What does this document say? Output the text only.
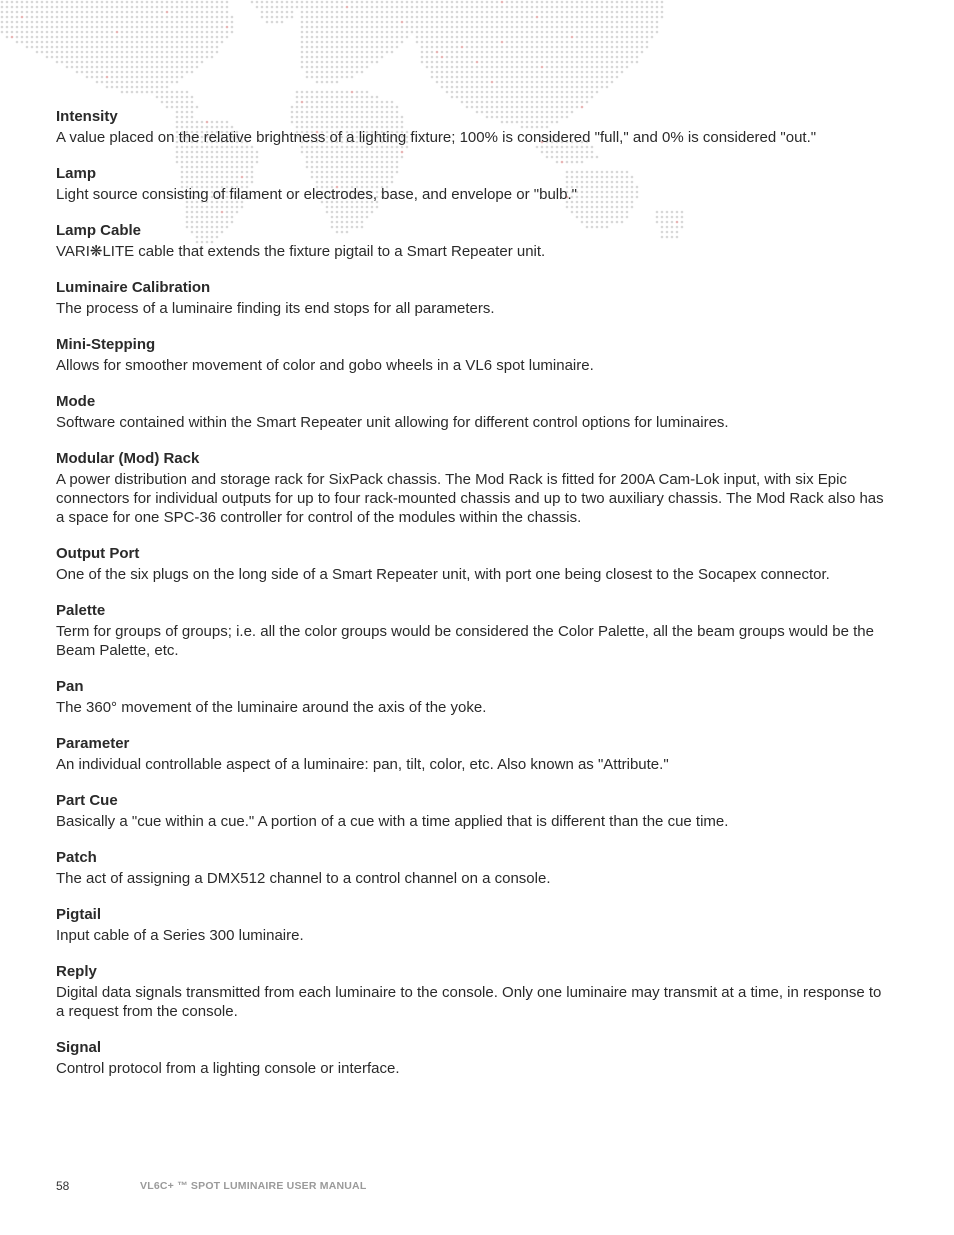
Intensity
A value placed on the relative brightness of a lighting fixture; 100% is considered "full," and 0% is considered "out."
Lamp
Light source consisting of filament or electrodes, base, and envelope or "bulb."
Lamp Cable
VARI❋LITE cable that extends the fixture pigtail to a Smart Repeater unit.
Luminaire Calibration
The process of a luminaire finding its end stops for all parameters.
Mini-Stepping
Allows for smoother movement of color and gobo wheels in a VL6 spot luminaire.
Mode
Software contained within the Smart Repeater unit allowing for different control options for luminaires.
Modular (Mod) Rack
A power distribution and storage rack for SixPack chassis. The Mod Rack is fitted for 200A Cam-Lok input, with six Epic connectors for individual outputs for up to four rack-mounted chassis and up to two auxiliary chassis. The Mod Rack also has a space for one SPC-36 controller for control of the modules within the chassis.
Output Port
One of the six plugs on the long side of a Smart Repeater unit, with port one being closest to the Socapex connector.
Palette
Term for groups of groups; i.e. all the color groups would be considered the Color Palette, all the beam groups would be the Beam Palette, etc.
Pan
The 360° movement of the luminaire around the axis of the yoke.
Parameter
An individual controllable aspect of a luminaire: pan, tilt, color, etc. Also known as "Attribute."
Part Cue
Basically a "cue within a cue." A portion of a cue with a time applied that is different than the cue time.
Patch
The act of assigning a DMX512 channel to a control channel on a console.
Pigtail
Input cable of a Series 300 luminaire.
Reply
Digital data signals transmitted from each luminaire to the console. Only one luminaire may transmit at a time, in response to a request from the console.
Signal
Control protocol from a lighting console or interface.
58	VL6C+ ™ SPOT LUMINAIRE USER MANUAL
